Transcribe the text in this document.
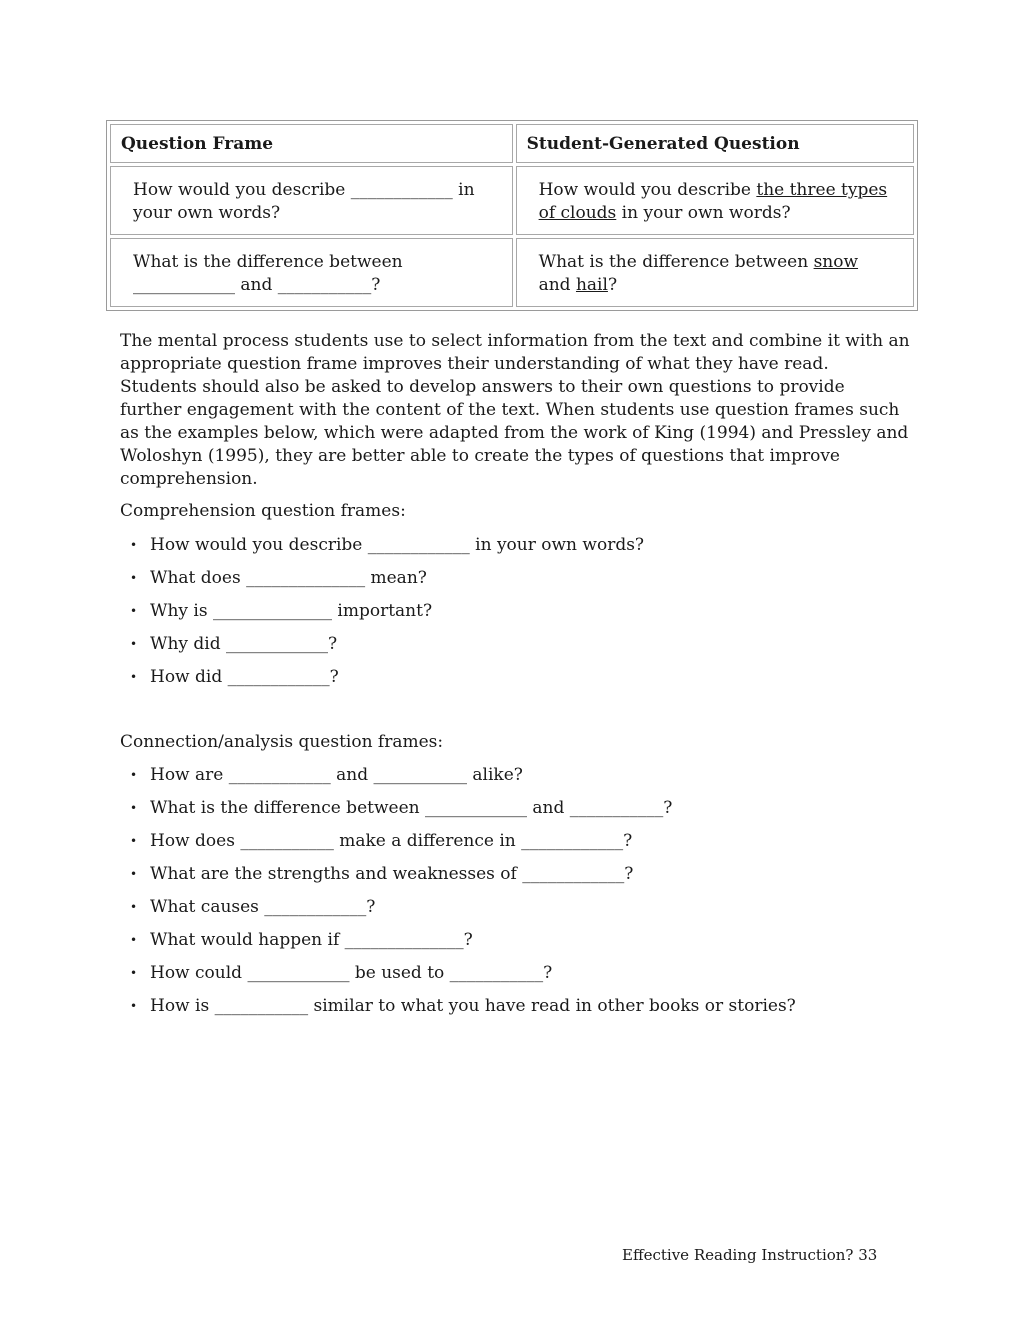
Question Frame	Student-Generated Question
How would you describe ____________ in your own words?	How would you describe the three types of clouds in your own words?
What is the difference between ____________ and ___________?	What is the difference between snow and hail?

The mental process students use to select information from the text and combine it with an appropriate question frame improves their understanding of what they have read. Students should also be asked to develop answers to their own questions to provide further engagement with the content of the text. When students use question frames such as the examples below, which were adapted from the work of King (1994) and Pressley and Woloshyn (1995), they are better able to create the types of questions that improve comprehension.

Comprehension question frames:

• How would you describe ____________ in your own words?
• What does ______________ mean?
• Why is ______________ important?
• Why did ____________?
• How did ____________?

Connection/analysis question frames:

• How are ____________ and ___________ alike?
• What is the difference between ____________ and ___________?
• How does ___________ make a difference in ____________?
• What are the strengths and weaknesses of ____________?
• What causes ____________?
• What would happen if ______________?
• How could ____________ be used to ___________?
• How is ___________ similar to what you have read in other books or stories?

Effective Reading Instruction? 33
